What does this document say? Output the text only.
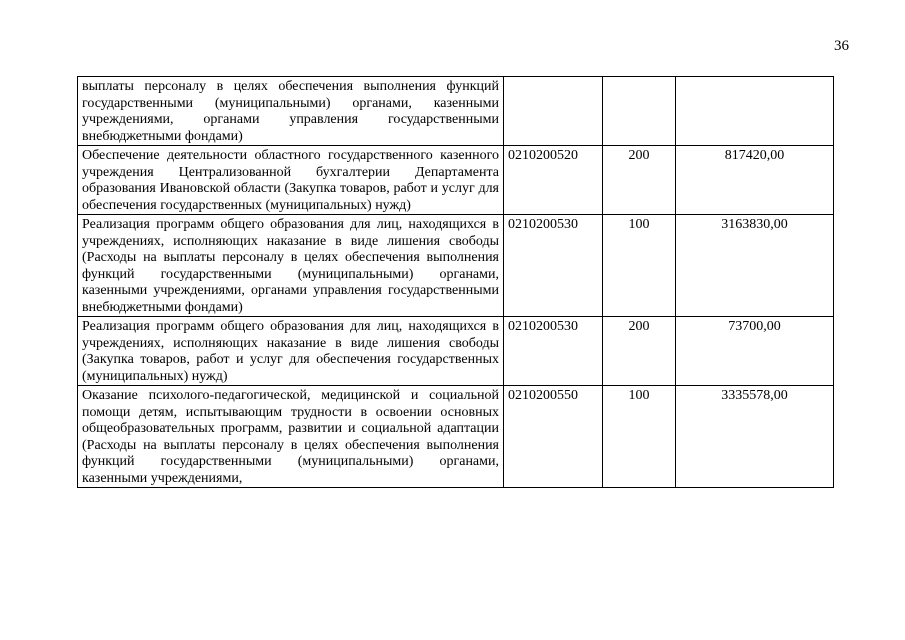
36
выплаты персоналу в целях обеспечения выполнения функций государственными (муниципальными) органами, казенными учреждениями, органами управления государственными внебюджетными фондами)			
Обеспечение деятельности областного государственного казенного учреждения Централизованной бухгалтерии Департамента образования Ивановской области (Закупка товаров, работ и услуг для обеспечения государственных (муниципальных) нужд)	0210200520	200	817420,00
Реализация программ общего образования для лиц, находящихся в учреждениях, исполняющих наказание в виде лишения свободы (Расходы на выплаты персоналу в целях обеспечения выполнения функций государственными (муниципальными) органами, казенными учреждениями, органами управления государственными внебюджетными фондами)	0210200530	100	3163830,00
Реализация программ общего образования для лиц, находящихся в учреждениях, исполняющих наказание в виде лишения свободы (Закупка товаров, работ и услуг для обеспечения государственных (муниципальных) нужд)	0210200530	200	73700,00
Оказание психолого-педагогической, медицинской и социальной помощи детям, испытывающим трудности в освоении основных общеобразовательных программ, развитии и социальной адаптации (Расходы на выплаты персоналу в целях обеспечения выполнения функций государственными (муниципальными) органами, казенными учреждениями,	0210200550	100	3335578,00
